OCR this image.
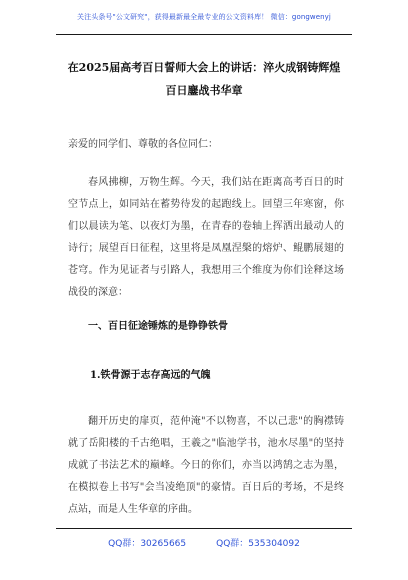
关注头条号"公文研究"，获得最新最全最专业的公文资料库！ 微信：gongwenyj
在2025届高考百日誓师大会上的讲话：淬火成钢铸辉煌百日鏖战书华章
亲爱的同学们、尊敬的各位同仁：
春风拂柳，万物生辉。今天，我们站在距离高考百日的时空节点上，如同站在蓄势待发的起跑线上。回望三年寒窗，你们以晨读为笔、以夜灯为墨，在青春的卷轴上挥洒出最动人的诗行；展望百日征程，这里将是凤凰涅槃的熔炉、鲲鹏展翅的苍穹。作为见证者与引路人，我想用三个维度为你们诠释这场战役的深意：
一、百日征途锤炼的是铮铮铁骨
1.铁骨源于志存高远的气魄
翻开历史的扉页，范仲淹"不以物喜，不以己悲"的胸襟铸就了岳阳楼的千古绝唱，王羲之"临池学书，池水尽墨"的坚持成就了书法艺术的巅峰。今日的你们，亦当以鸿鹄之志为墨，在模拟卷上书写"会当凌绝顶"的豪情。百日后的考场，不是终点站，而是人生华章的序曲。
QQ群：30265665	QQ群：535304092
